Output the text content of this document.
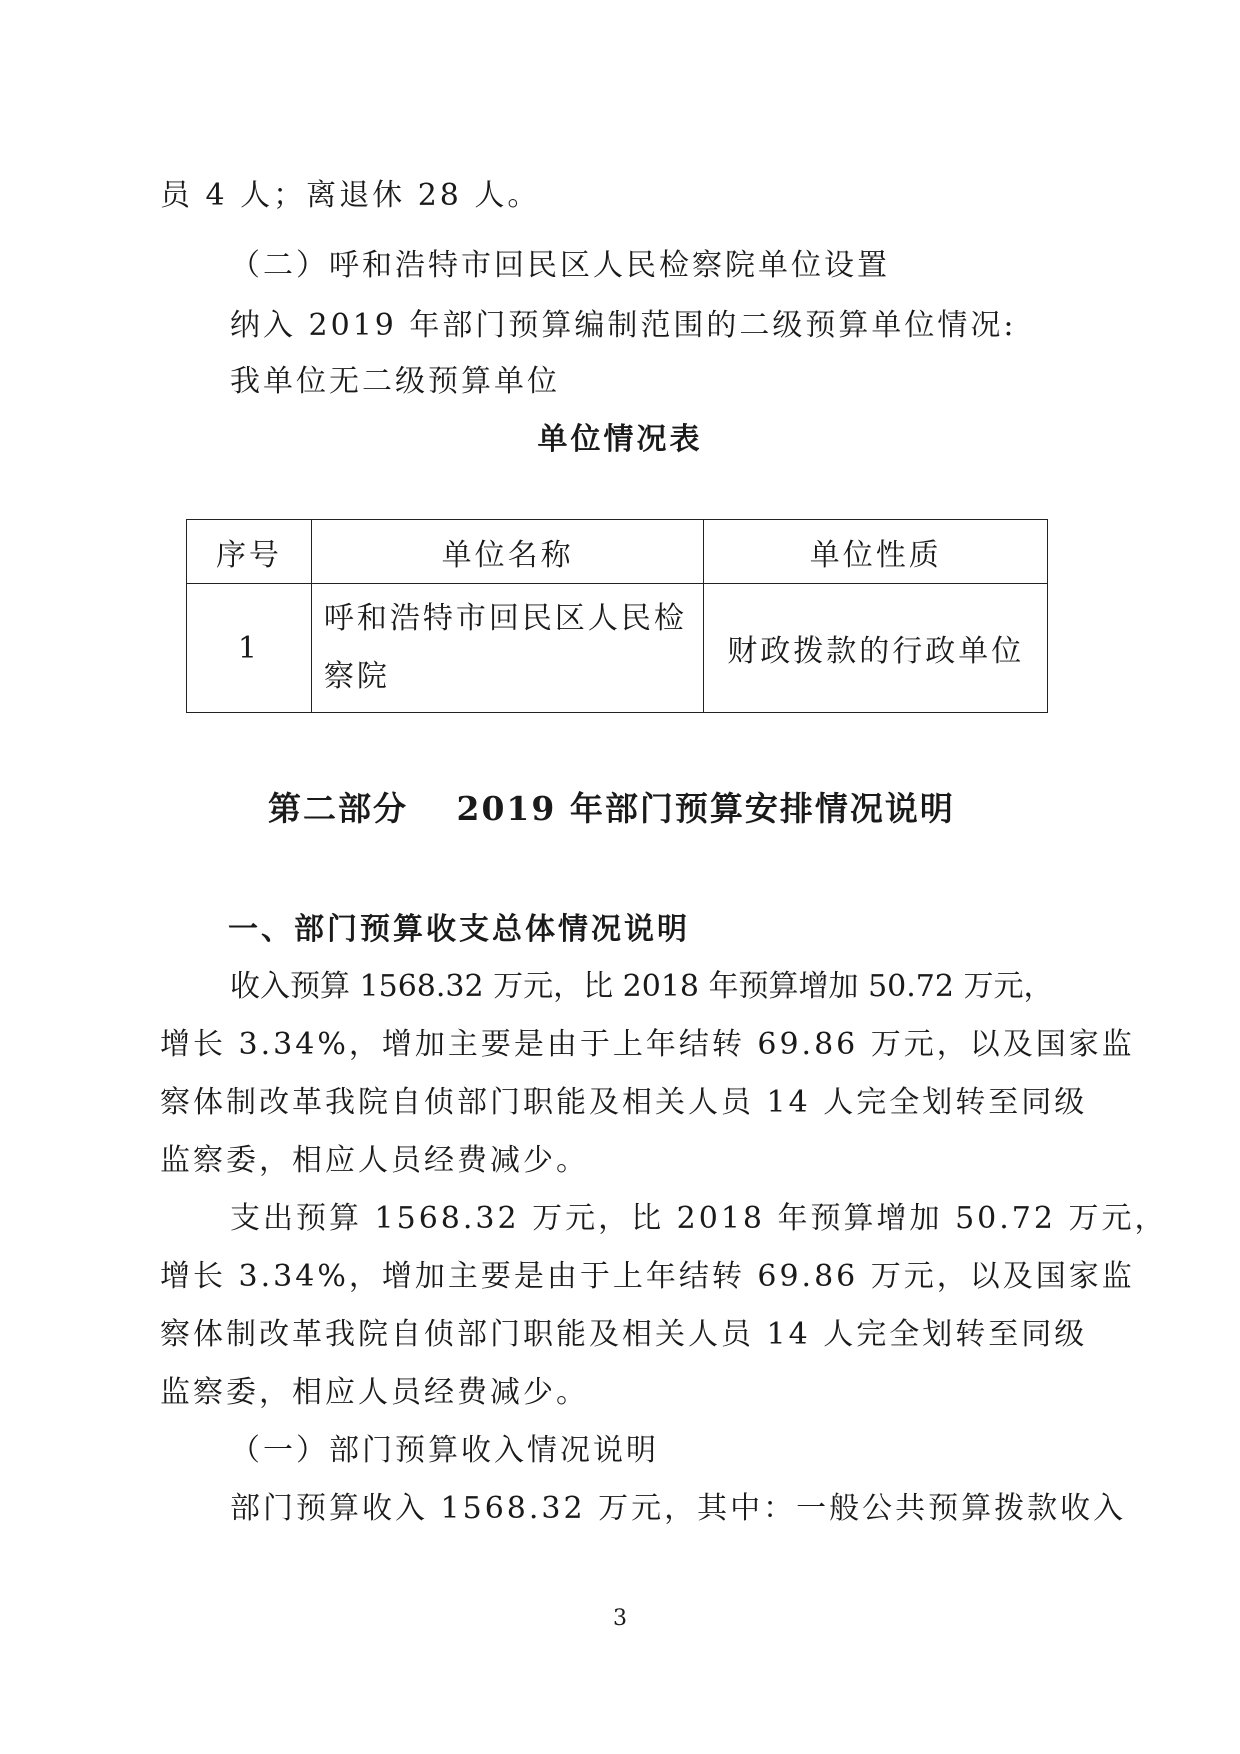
员 4 人；离退休 28 人。
（二）呼和浩特市回民区人民检察院单位设置
纳入 2019 年部门预算编制范围的二级预算单位情况:
我单位无二级预算单位
单位情况表
序号	单位名称	单位性质
1	呼和浩特市回民区人民检察院	财政拨款的行政单位
第二部分　 2019 年部门预算安排情况说明
一、部门预算收支总体情况说明
收入预算 1568.32 万元，比 2018 年预算增加 50.72 万元，
增长 3.34%，增加主要是由于上年结转 69.86 万元，以及国家监
察体制改革我院自侦部门职能及相关人员 14 人完全划转至同级
监察委，相应人员经费减少。
支出预算 1568.32 万元，比 2018 年预算增加 50.72 万元，
增长 3.34%，增加主要是由于上年结转 69.86 万元，以及国家监
察体制改革我院自侦部门职能及相关人员 14 人完全划转至同级
监察委，相应人员经费减少。
（一）部门预算收入情况说明
部门预算收入 1568.32 万元，其中：一般公共预算拨款收入
3
